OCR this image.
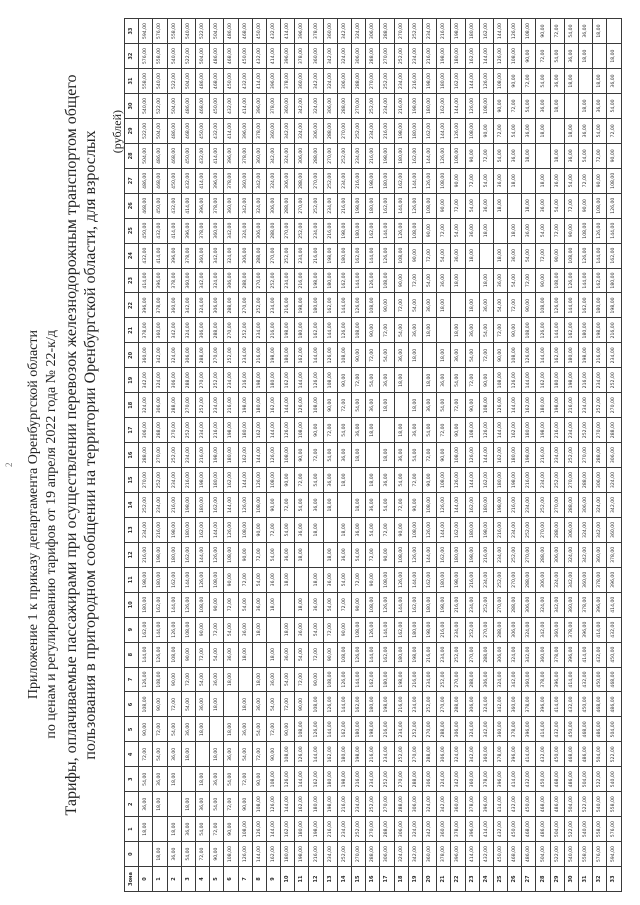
2 Приложение 1 к приказу департамента Оренбургской области по ценам и регулированию тарифов от 19 апреля 2022 года № 22-к/д Тарифы, оплачиваемые пассажирами при осуществлении перевозок железнодорожным транспортом общего пользования в пригородном сообщении на территории Оренбургской области, для взрослых (рублей)
Зона	0	1	2	3	4	5	6	7	8	9	10	11	12	13	14	15	16	17	18	19	20	21	22	23	24	25	26	27	28	29	30	31	32	33
0		18,00	36,00	54,00	72,00	90,00	108,00	126,00	144,00	162,00	180,00	198,00	216,00	234,00	252,00	270,00	288,00	306,00	324,00	342,00	360,00	378,00	396,00	414,00	432,00	450,00	468,00	486,00	504,00	522,00	540,00	558,00	576,00	594,00
1	18,00		18,00	36,00	54,00	72,00	90,00	108,00	126,00	144,00	162,00	180,00	198,00	216,00	234,00	252,00	270,00	288,00	306,00	324,00	342,00	360,00	378,00	396,00	414,00	432,00	450,00	468,00	486,00	504,00	522,00	540,00	558,00	576,00
2	36,00	18,00		18,00	36,00	54,00	72,00	90,00	108,00	126,00	144,00	162,00	180,00	198,00	216,00	234,00	252,00	270,00	288,00	306,00	324,00	342,00	360,00	378,00	396,00	414,00	432,00	450,00	468,00	486,00	504,00	522,00	540,00	558,00
3	54,00	36,00	18,00		18,00	36,00	54,00	72,00	90,00	108,00	126,00	144,00	162,00	180,00	198,00	216,00	234,00	252,00	270,00	288,00	306,00	324,00	342,00	360,00	378,00	396,00	414,00	432,00	450,00	468,00	486,00	504,00	522,00	540,00
4	72,00	54,00	36,00	18,00		18,00	36,00	54,00	72,00	90,00	108,00	126,00	144,00	162,00	180,00	198,00	216,00	234,00	252,00	270,00	288,00	306,00	324,00	342,00	360,00	378,00	396,00	414,00	432,00	450,00	468,00	486,00	504,00	522,00
5	90,00	72,00	54,00	36,00	18,00		18,00	36,00	54,00	72,00	90,00	108,00	126,00	144,00	162,00	180,00	198,00	216,00	234,00	252,00	270,00	288,00	306,00	324,00	342,00	360,00	378,00	396,00	414,00	432,00	450,00	468,00	486,00	504,00
6	108,00	90,00	72,00	54,00	36,00	18,00		18,00	36,00	54,00	72,00	90,00	108,00	126,00	144,00	162,00	180,00	198,00	216,00	234,00	252,00	270,00	288,00	306,00	324,00	342,00	360,00	378,00	396,00	414,00	432,00	450,00	468,00	486,00
7	126,00	108,00	90,00	72,00	54,00	36,00	18,00		18,00	36,00	54,00	72,00	90,00	108,00	126,00	144,00	162,00	180,00	198,00	216,00	234,00	252,00	270,00	288,00	306,00	324,00	342,00	360,00	378,00	396,00	414,00	432,00	450,00	468,00
8	144,00	126,00	108,00	90,00	72,00	54,00	36,00	18,00		18,00	36,00	54,00	72,00	90,00	108,00	126,00	144,00	162,00	180,00	198,00	216,00	234,00	252,00	270,00	288,00	306,00	324,00	342,00	360,00	378,00	396,00	414,00	432,00	450,00
9	162,00	144,00	126,00	108,00	90,00	72,00	54,00	36,00	18,00		18,00	36,00	54,00	72,00	90,00	108,00	126,00	144,00	162,00	180,00	198,00	216,00	234,00	252,00	270,00	288,00	306,00	324,00	342,00	360,00	378,00	396,00	414,00	432,00
10	180,00	162,00	144,00	126,00	108,00	90,00	72,00	54,00	36,00	18,00		18,00	36,00	54,00	72,00	90,00	108,00	126,00	144,00	162,00	180,00	198,00	216,00	234,00	252,00	270,00	288,00	306,00	324,00	342,00	360,00	378,00	396,00	414,00
11	198,00	180,00	162,00	144,00	126,00	108,00	90,00	72,00	54,00	36,00	18,00		18,00	36,00	54,00	72,00	90,00	108,00	126,00	144,00	162,00	180,00	198,00	216,00	234,00	252,00	270,00	288,00	306,00	324,00	342,00	360,00	378,00	396,00
12	216,00	198,00	180,00	162,00	144,00	126,00	108,00	90,00	72,00	54,00	36,00	18,00		18,00	36,00	54,00	72,00	90,00	108,00	126,00	144,00	162,00	180,00	198,00	216,00	234,00	252,00	270,00	288,00	306,00	324,00	342,00	360,00	378,00
13	234,00	216,00	198,00	180,00	162,00	144,00	126,00	108,00	90,00	72,00	54,00	36,00	18,00		18,00	36,00	54,00	72,00	90,00	108,00	126,00	144,00	162,00	180,00	198,00	216,00	234,00	252,00	270,00	288,00	306,00	324,00	342,00	360,00
14	252,00	234,00	216,00	198,00	180,00	162,00	144,00	126,00	108,00	90,00	72,00	54,00	36,00	18,00		18,00	36,00	54,00	72,00	90,00	108,00	126,00	144,00	162,00	180,00	198,00	216,00	234,00	252,00	270,00	288,00	306,00	324,00	342,00
15	270,00	252,00	234,00	216,00	198,00	180,00	162,00	144,00	126,00	108,00	90,00	72,00	54,00	36,00	18,00		18,00	36,00	54,00	72,00	90,00	108,00	126,00	144,00	162,00	180,00	198,00	216,00	234,00	252,00	270,00	288,00	306,00	324,00
16	288,00	270,00	252,00	234,00	216,00	198,00	180,00	162,00	144,00	126,00	108,00	90,00	72,00	54,00	36,00	18,00		18,00	36,00	54,00	72,00	90,00	108,00	126,00	144,00	162,00	180,00	198,00	216,00	234,00	252,00	270,00	288,00	306,00
17	306,00	288,00	270,00	252,00	234,00	216,00	198,00	180,00	162,00	144,00	126,00	108,00	90,00	72,00	54,00	36,00	18,00		18,00	36,00	54,00	72,00	90,00	108,00	126,00	144,00	162,00	180,00	198,00	216,00	234,00	252,00	270,00	288,00
18	324,00	306,00	288,00	270,00	252,00	234,00	216,00	198,00	180,00	162,00	144,00	126,00	108,00	90,00	72,00	54,00	36,00	18,00		18,00	36,00	54,00	72,00	90,00	108,00	126,00	144,00	162,00	180,00	198,00	216,00	234,00	252,00	270,00
19	342,00	324,00	306,00	288,00	270,00	252,00	234,00	216,00	198,00	180,00	162,00	144,00	126,00	108,00	90,00	72,00	54,00	36,00	18,00		18,00	36,00	54,00	72,00	90,00	108,00	126,00	144,00	162,00	180,00	198,00	216,00	234,00	252,00
20	360,00	342,00	324,00	306,00	288,00	270,00	252,00	234,00	216,00	198,00	180,00	162,00	144,00	126,00	108,00	90,00	72,00	54,00	36,00	18,00		18,00	36,00	54,00	72,00	90,00	108,00	126,00	144,00	162,00	180,00	198,00	216,00	234,00
21	378,00	360,00	342,00	324,00	306,00	288,00	270,00	252,00	234,00	216,00	198,00	180,00	162,00	144,00	126,00	108,00	90,00	72,00	54,00	36,00	18,00		18,00	36,00	54,00	72,00	90,00	108,00	126,00	144,00	162,00	180,00	198,00	216,00
22	396,00	378,00	360,00	342,00	324,00	306,00	288,00	270,00	252,00	234,00	216,00	198,00	180,00	162,00	144,00	126,00	108,00	90,00	72,00	54,00	36,00	18,00		18,00	36,00	54,00	72,00	90,00	108,00	126,00	144,00	162,00	180,00	198,00
23	414,00	396,00	378,00	360,00	342,00	324,00	306,00	288,00	270,00	252,00	234,00	216,00	198,00	180,00	162,00	144,00	126,00	108,00	90,00	72,00	54,00	36,00	18,00		18,00	36,00	54,00	72,00	90,00	108,00	126,00	144,00	162,00	180,00
24	432,00	414,00	396,00	378,00	360,00	342,00	324,00	306,00	288,00	270,00	252,00	234,00	216,00	198,00	180,00	162,00	144,00	126,00	108,00	90,00	72,00	54,00	36,00	18,00		18,00	36,00	54,00	72,00	90,00	108,00	126,00	144,00	162,00
25	450,00	432,00	414,00	396,00	378,00	360,00	342,00	324,00	306,00	288,00	270,00	252,00	234,00	216,00	198,00	180,00	162,00	144,00	126,00	108,00	90,00	72,00	54,00	36,00	18,00		18,00	36,00	54,00	72,00	90,00	108,00	126,00	144,00
26	468,00	450,00	432,00	414,00	396,00	378,00	360,00	342,00	324,00	306,00	288,00	270,00	252,00	234,00	216,00	198,00	180,00	162,00	144,00	126,00	108,00	90,00	72,00	54,00	36,00	18,00		18,00	36,00	54,00	72,00	90,00	108,00	126,00
27	486,00	468,00	450,00	432,00	414,00	396,00	378,00	360,00	342,00	324,00	306,00	288,00	270,00	252,00	234,00	216,00	198,00	180,00	162,00	144,00	126,00	108,00	90,00	72,00	54,00	36,00	18,00		18,00	36,00	54,00	72,00	90,00	108,00
28	504,00	486,00	468,00	450,00	432,00	414,00	396,00	378,00	360,00	342,00	324,00	306,00	288,00	270,00	252,00	234,00	216,00	198,00	180,00	162,00	144,00	126,00	108,00	90,00	72,00	54,00	36,00	18,00		18,00	36,00	54,00	72,00	90,00
29	522,00	504,00	486,00	468,00	450,00	432,00	414,00	396,00	378,00	360,00	342,00	324,00	306,00	288,00	270,00	252,00	234,00	216,00	198,00	180,00	162,00	144,00	126,00	108,00	90,00	72,00	54,00	36,00	18,00		18,00	36,00	54,00	72,00
30	540,00	522,00	504,00	486,00	468,00	450,00	432,00	414,00	396,00	378,00	360,00	342,00	324,00	306,00	288,00	270,00	252,00	234,00	216,00	198,00	180,00	162,00	144,00	126,00	108,00	90,00	72,00	54,00	36,00	18,00		18,00	36,00	54,00
31	558,00	540,00	522,00	504,00	486,00	468,00	450,00	432,00	414,00	396,00	378,00	360,00	342,00	324,00	306,00	288,00	270,00	252,00	234,00	216,00	198,00	180,00	162,00	144,00	126,00	108,00	90,00	72,00	54,00	36,00	18,00		18,00	36,00
32	576,00	558,00	540,00	522,00	504,00	486,00	468,00	450,00	432,00	414,00	396,00	378,00	360,00	342,00	324,00	306,00	288,00	270,00	252,00	234,00	216,00	198,00	180,00	162,00	144,00	126,00	108,00	90,00	72,00	54,00	36,00	18,00		18,00
33	594,00	576,00	558,00	540,00	522,00	504,00	486,00	468,00	450,00	432,00	414,00	396,00	378,00	360,00	342,00	324,00	306,00	288,00	270,00	252,00	234,00	216,00	198,00	180,00	162,00	144,00	126,00	108,00	90,00	72,00	54,00	36,00	18,00	
